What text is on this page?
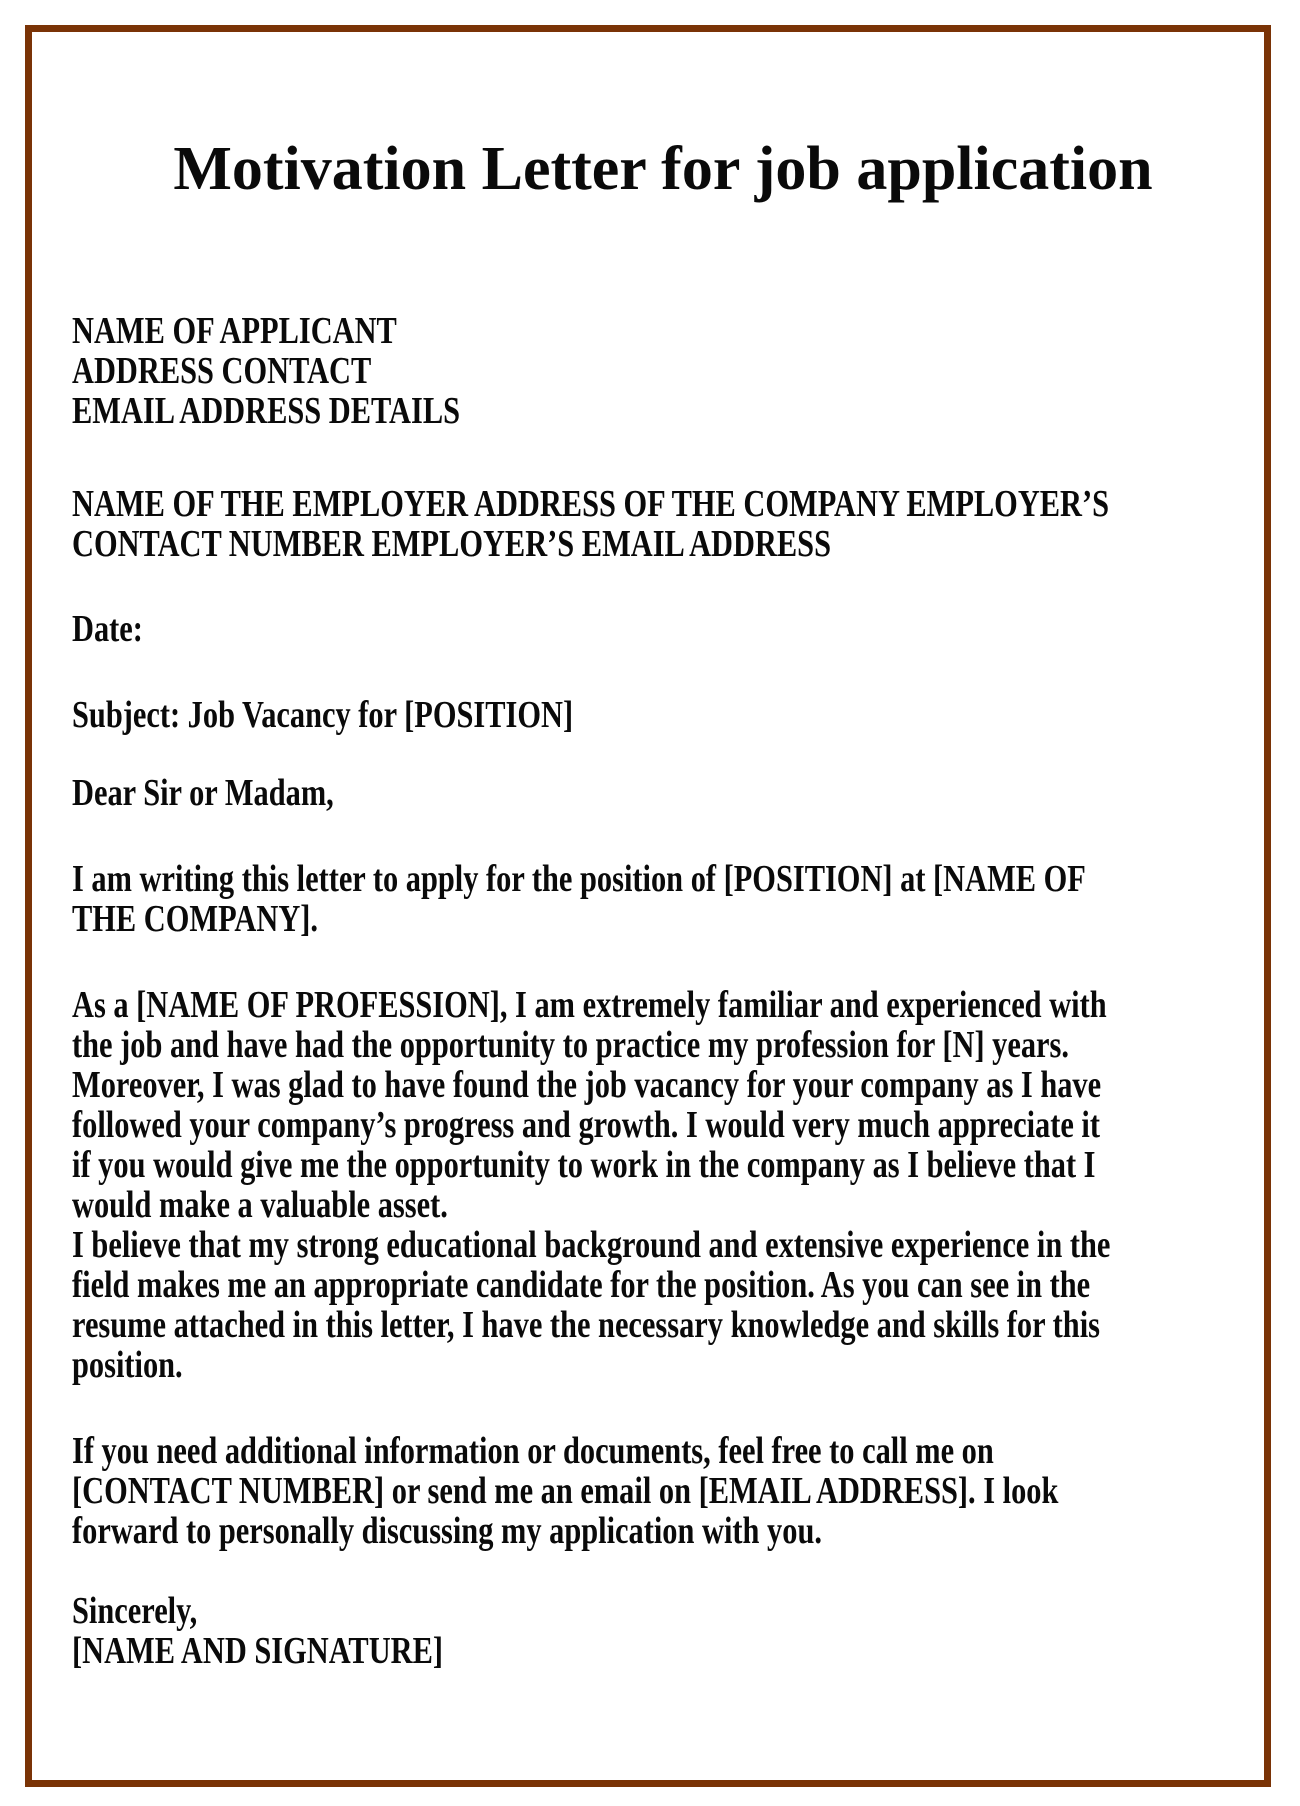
Motivation Letter for job application
NAME OF APPLICANT
ADDRESS CONTACT
EMAIL ADDRESS DETAILS
NAME OF THE EMPLOYER ADDRESS OF THE COMPANY EMPLOYER’S
CONTACT NUMBER EMPLOYER’S EMAIL ADDRESS
Date:
Subject: Job Vacancy for [POSITION]
Dear Sir or Madam,
I am writing this letter to apply for the position of [POSITION] at [NAME OF
THE COMPANY].
As a [NAME OF PROFESSION], I am extremely familiar and experienced with
the job and have had the opportunity to practice my profession for [N] years.
Moreover, I was glad to have found the job vacancy for your company as I have
followed your company’s progress and growth. I would very much appreciate it
if you would give me the opportunity to work in the company as I believe that I
would make a valuable asset.
I believe that my strong educational background and extensive experience in the
field makes me an appropriate candidate for the position. As you can see in the
resume attached in this letter, I have the necessary knowledge and skills for this
position.
If you need additional information or documents, feel free to call me on
[CONTACT NUMBER] or send me an email on [EMAIL ADDRESS]. I look
forward to personally discussing my application with you.
Sincerely,
[NAME AND SIGNATURE]
